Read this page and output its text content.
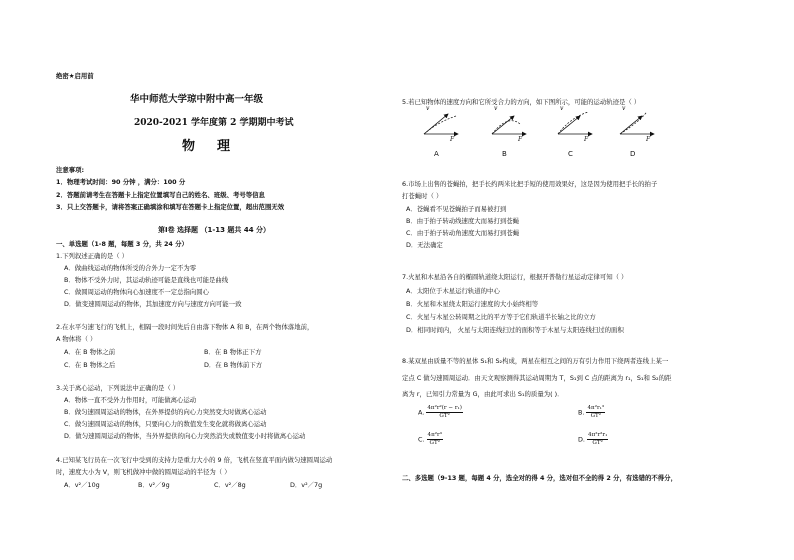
绝密★启用前
华中师范大学琼中附中高一年级
2020-2021 学年度第 2 学期期中考试
物理
注意事项:
1．物理考试时间：90 分钟 ，满分：100 分
2．答题前请考生在答题卡上指定位置填写自己的姓名、班级、考号等信息
3．只上交答题卡，请将答案正确填涂和填写在答题卡上指定位置，超出范围无效
第Ⅰ卷 选择题 （1-13 题共 44 分）
一、单选题（1-8 题，每题 3 分，共 24 分）
1.下列叙述正确的是（ ）
A．做曲线运动的物体所受的合外力一定不为零
B．物体不受外力时，其运动轨迹可能是直线也可能是曲线
C．做圆周运动的物体向心加速度不一定总指向圆心
D．做变速圆周运动的物体，其加速度方向与速度方向可能一致
2.在水平匀速飞行的飞机上，相隔一段时间先后自由落下物体 A 和 B，在两个物体落地前，
A 物体将（ ）
A．在 B 物体之前	B．在 B 物体正下方
C．在 B 物体之后	D．在 B 物体前下方
3.关于离心运动，下列说法中正确的是（ ）
A．物体一直不受外力作用时，可能做离心运动
B．做匀速圆周运动的物体，在外界提供的向心力突然变大时做离心运动
C．做匀速圆周运动的物体，只要向心力的数值发生变化就将做离心运动
D．做匀速圆周运动的物体，当外界提供的向心力突然消失或数值变小时将做离心运动
4.已知某飞行员在一次飞行中受到的支持力是重力大小的 9 倍，飞机在竖直平面内做匀速圆周运动
时，速度大小为 V，则飞机做冲中做的圆周运动的半径为（ ）
A．v²／10g	B．v²／9g	C．v²／8g	D．v²／7g
5.若已知物体的速度方向和它所受合力的方向，如下图所示，可能的运动轨迹是（ ）
v
F
v
F
v
F
v
F
A	B	C	D
6.市场上出售的苍蝇拍，把手长约两米比把手短的使用效果好，这是因为使用把手长的拍子
打苍蝇时（ ）
A．苍蝇看不见苍蝇拍子而易被打到
B．由于拍子转动线速度大而易打到苍蝇
C．由于拍子转动角速度大而易打到苍蝇
D．无法确定
7.火星和木星沿各自的椭圆轨道绕太阳运行，根据开普勒行星运动定律可知（ ）
A．太阳位于木星运行轨道的中心
B．火星和木星绕太阳运行速度的大小始终相等
C．火星与木星公转周期之比的平方等于它们轨道半长轴之比的立方
D．相同时间内， 火星与太阳连线扫过的面积等于木星与太阳连线扫过的面积
8.某双星由质量不等的星体 S₁和 S₂构成，两星在相互之间的万有引力作用下绕两者连线上某一
定点 C 做匀速圆周运动．由天文观察测得其运动周期为 T，S₁到 C 点的距离为 r₁，S₁和 S₂的距
离为 r，已知引力常量为 G，由此可求出 S₁的质量为( )．
A. $\frac{\text{4π²r²(r − r₁)}}{\text{GT²}}$	B. $\frac{\text{4π²r₁³}}{\text{GT²}}$
C. $\frac{\text{4π²r³}}{\text{GT²}}$	D. $\frac{\text{4π²r²r₁}}{\text{GT²}}$
二、多选题（9-13 题，每题 4 分，选全对的得 4 分，选对但不全的得 2 分，有选错的不得分，
